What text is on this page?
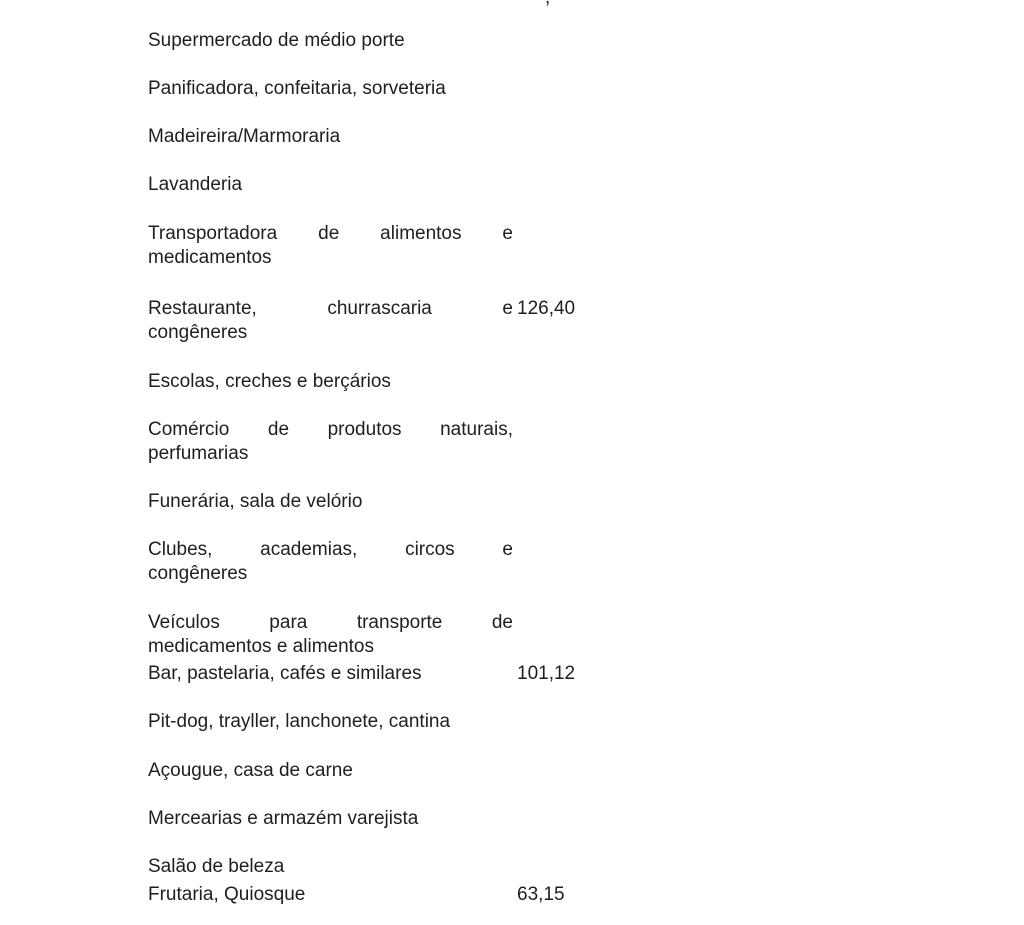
Supermercado de médio porte
Panificadora, confeitaria, sorveteria
Madeireira/Marmoraria
Lavanderia
Transportadora de alimentos e
medicamentos
Restaurante, churrascaria e
congêneres
126,40
Escolas, creches e berçários
Comércio de produtos naturais,
perfumarias
Funerária, sala de velório
Clubes, academias, circos e
congêneres
Veículos para transporte de
medicamentos e alimentos
Bar, pastelaria, cafés e similares	101,12
Pit-dog, trayller, lanchonete, cantina
Açougue, casa de carne
Mercearias e armazém varejista
Salão de beleza
Frutaria, Quiosque	63,15
